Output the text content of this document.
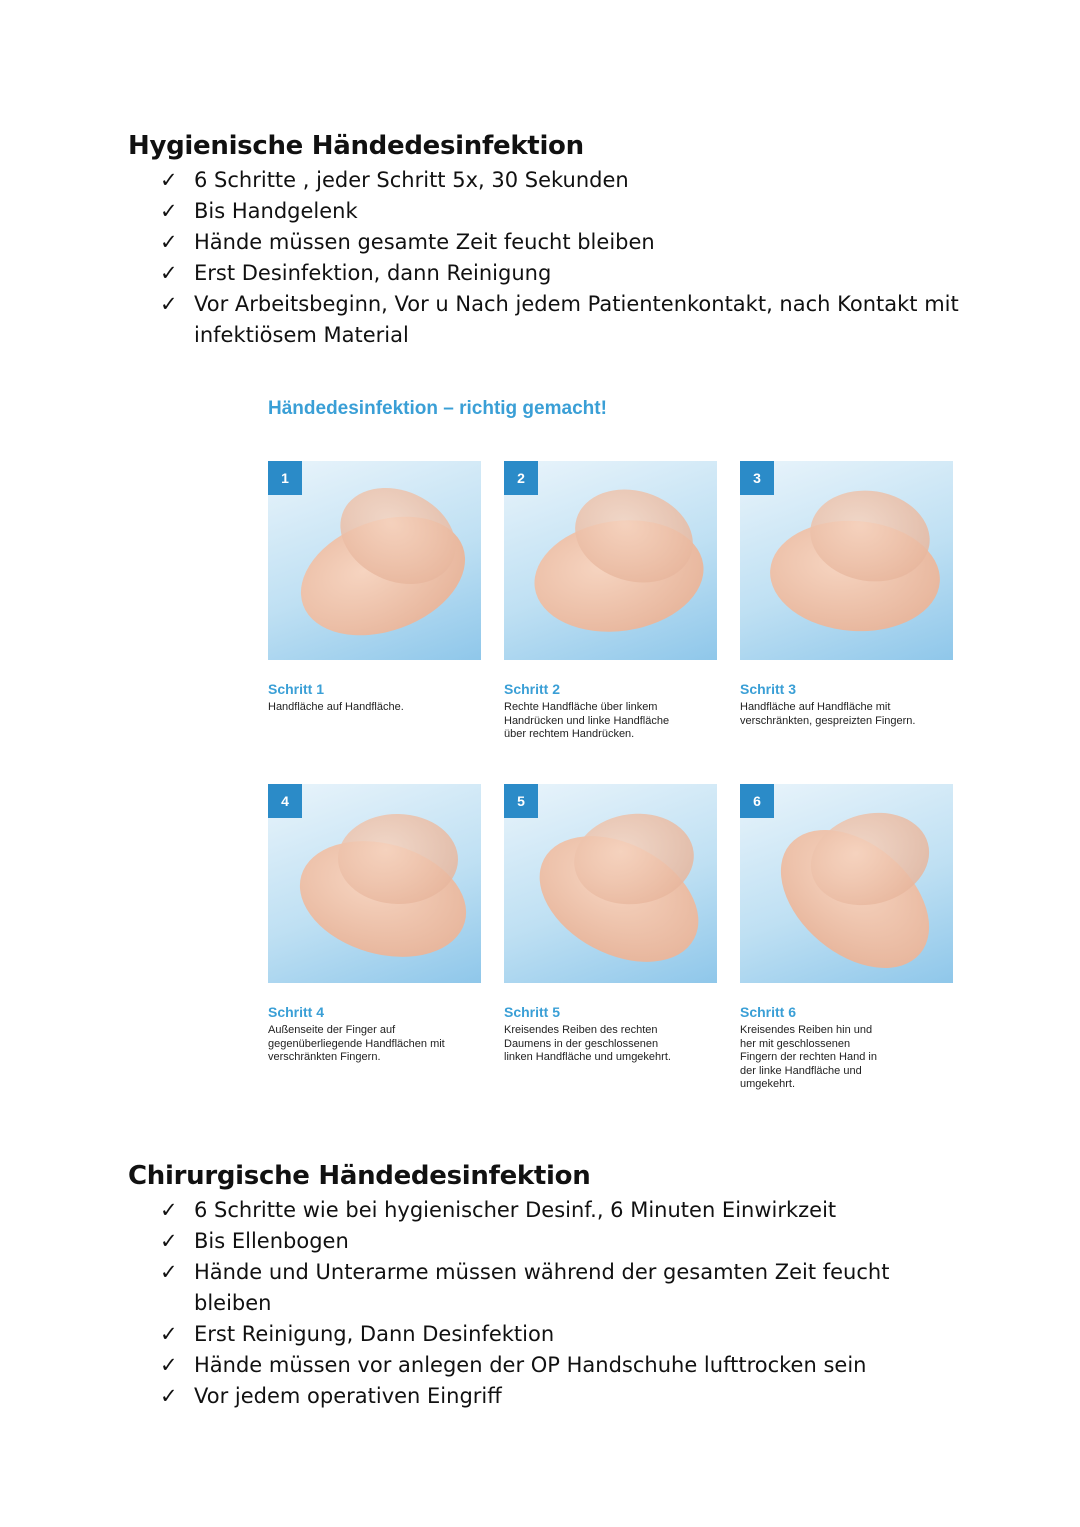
Hygienische Händedesinfektion
✓ 6 Schritte , jeder Schritt 5x, 30 Sekunden
✓ Bis Handgelenk
✓ Hände müssen gesamte Zeit feucht bleiben
✓ Erst Desinfektion, dann Reinigung
✓ Vor Arbeitsbeginn, Vor u Nach jedem Patientenkontakt, nach Kontakt mit infektiösem Material
Händedesinfektion – richtig gemacht!
1
Schritt 1
Handfläche auf Handfläche.
2
Schritt 2
Rechte Handfläche über linkem Handrücken und linke Handfläche über rechtem Handrücken.
3
Schritt 3
Handfläche auf Handfläche mit verschränkten, gespreizten Fingern.
4
Schritt 4
Außenseite der Finger auf gegenüberliegende Handflächen mit verschränkten Fingern.
5
Schritt 5
Kreisendes Reiben des rechten Daumens in der geschlossenen linken Handfläche und umgekehrt.
6
Schritt 6
Kreisendes Reiben hin und her mit geschlossenen Fingern der rechten Hand in der linke Handfläche und umgekehrt.
Chirurgische Händedesinfektion
✓ 6 Schritte wie bei hygienischer Desinf., 6 Minuten Einwirkzeit
✓ Bis Ellenbogen
✓ Hände und Unterarme müssen während der gesamten Zeit feucht bleiben
✓ Erst Reinigung, Dann Desinfektion
✓ Hände müssen vor anlegen der OP Handschuhe lufttrocken sein
✓ Vor jedem operativen Eingriff
